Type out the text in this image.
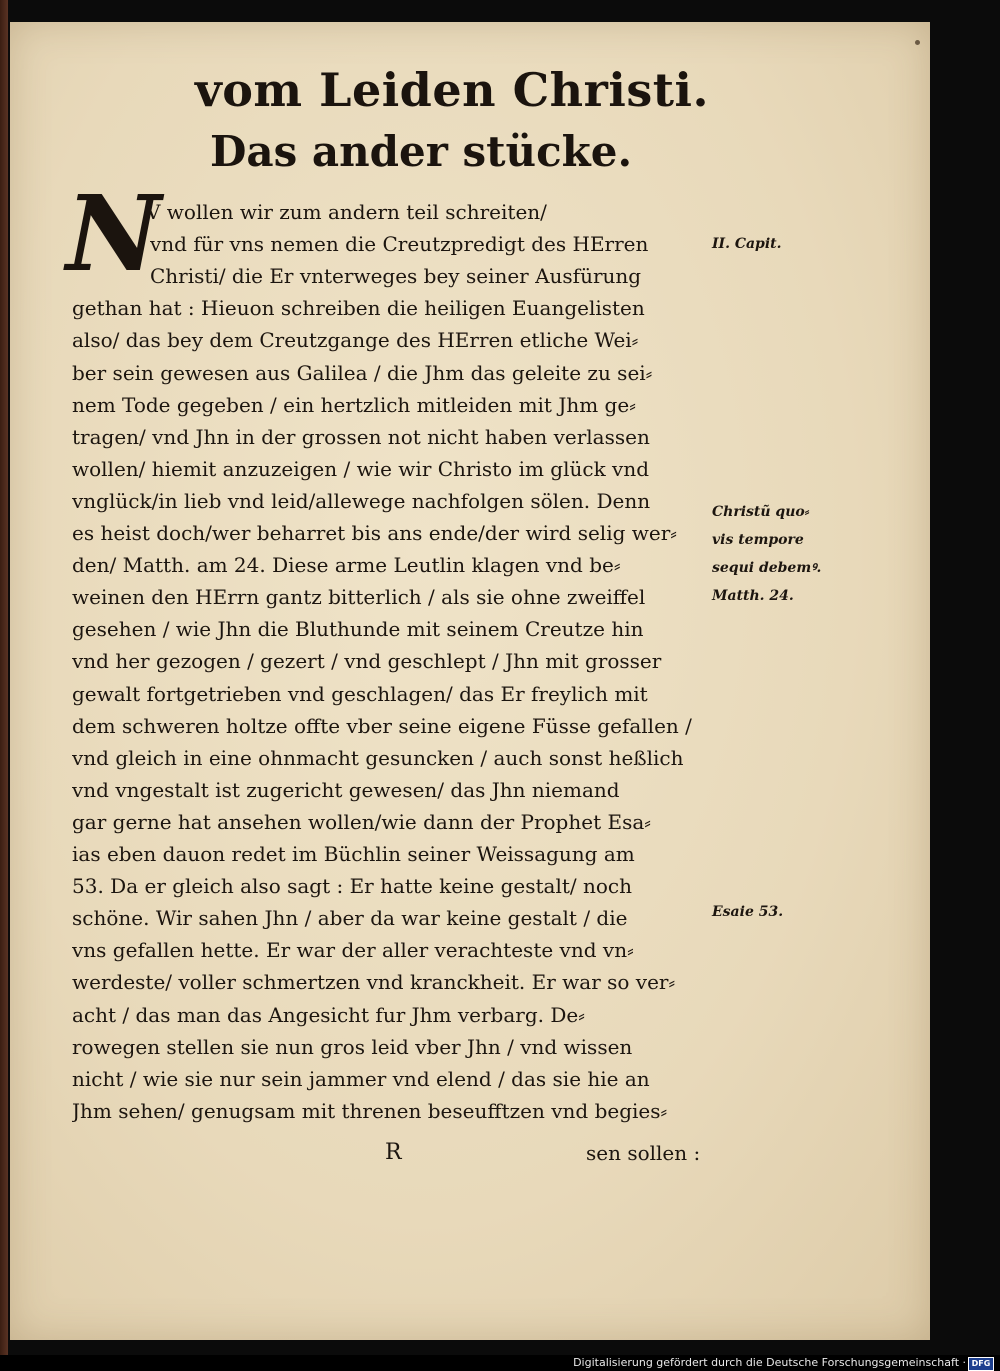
vom Leiden Christi.
Das ander stücke.
N

V wollen wir zum andern teil schreiten/

vnd für vns nemen die Creutzpredigt des HErren

Christi/ die Er vnterweges bey seiner Ausfürung

gethan hat : Hieuon schreiben die heiligen Euangelisten

also/ das bey dem Creutzgange des HErren etliche Wei⸗

ber sein gewesen aus Galilea / die Jhm das geleite zu sei⸗

nem Tode gegeben / ein hertzlich mitleiden mit Jhm ge⸗

tragen/ vnd Jhn in der grossen not nicht haben verlassen

wollen/ hiemit anzuzeigen / wie wir Christo im glück vnd

vnglück/in lieb vnd leid/allewege nachfolgen sölen. Denn

es heist doch/wer beharret bis ans ende/der wird selig wer⸗

den/ Matth. am 24. Diese arme Leutlin klagen vnd be⸗

weinen den HErrn gantz bitterlich / als sie ohne zweiffel

gesehen / wie Jhn die Bluthunde mit seinem Creutze hin

vnd her gezogen / gezert / vnd geschlept / Jhn mit grosser

gewalt fortgetrieben vnd geschlagen/ das Er freylich mit

dem schweren holtze offte vber seine eigene Füsse gefallen /

vnd gleich in eine ohnmacht gesuncken / auch sonst heßlich

vnd vngestalt ist zugericht gewesen/ das Jhn niemand

gar gerne hat ansehen wollen/wie dann der Prophet Esa⸗

ias eben dauon redet im Büchlin seiner Weissagung am

53. Da er gleich also sagt : Er hatte keine gestalt/ noch

schöne. Wir sahen Jhn / aber da war keine gestalt / die

vns gefallen hette. Er war der aller verachteste vnd vn⸗

werdeste/ voller schmertzen vnd kranckheit. Er war so ver⸗

acht / das man das Angesicht fur Jhm verbarg. De⸗

rowegen stellen sie nun gros leid vber Jhn / vnd wissen

nicht / wie sie nur sein jammer vnd elend / das sie hie an

Jhm sehen/ genugsam mit threnen beseufftzen vnd begies⸗

II. Capit.
Christũ quo⸗
vis tempore
sequi debemꝰ.
Matth. 24.
Esaie 53.
R	sen sollen :
Digitalisierung gefördert durch die Deutsche Forschungsgemeinschaft · DFG
